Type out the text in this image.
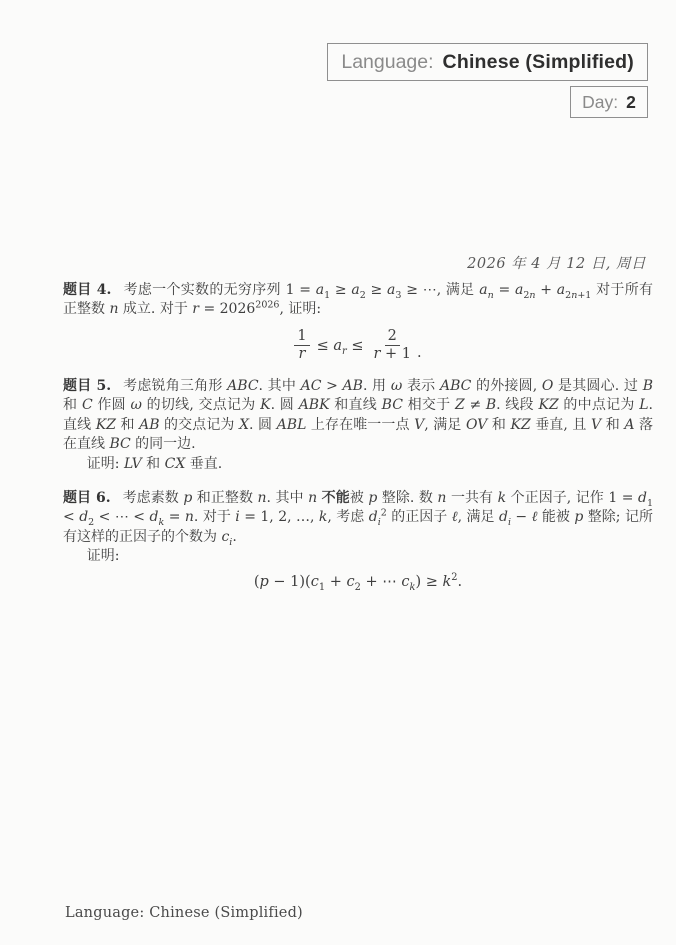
Language: Chinese (Simplified)
Day: 2
2026 年 4 月 12 日, 周日

题目 4. 考虑一个实数的无穷序列 $1 = a_1 \ge a_2 \ge a_3$ ≥ ⋯, 满足 $a_n = a_{2n} + a_{2n+1}$ 对于所有正整数 n 成立. 对于 $r = 2026^{2026}$, 证明:

$\frac{1}{r} \le a_r \le \frac{2}{r + 1}$ .

题目 5. 考虑锐角三角形 ABC. 其中 AC > AB. 用 ω 表示 ABC 的外接圆, O 是其圆心. 过 B 和 C 作圆 ω 的切线, 交点记为 K. 圆 ABK 和直线 BC 相交于 Z ≠ B. 线段 KZ 的中点记为 L. 直线 KZ 和 AB 的交点记为 X. 圆 ABL 上存在唯一一点 V, 满足 OV 和 KZ 垂直, 且 V 和 A 落在直线 BC 的同一边.

证明: LV 和 CX 垂直.

题目 6. 考虑素数 p 和正整数 n. 其中 n 不能被 p 整除. 数 n 一共有 k 个正因子, 记作 $1 = d_1 < d_2$ < ⋯ < $d_k = n$. 对于 i = 1, 2, …, k, 考虑 $d_i^2$ 的正因子 ℓ, 满足 $d_i$ − ℓ 能被 p 整除; 记所有这样的正因子的个数为 $c_i$.

证明:

$(p - 1)(c_1 + c_2$ + ⋯ $c_k) \ge k^2$.
Language: Chinese (Simplified)
